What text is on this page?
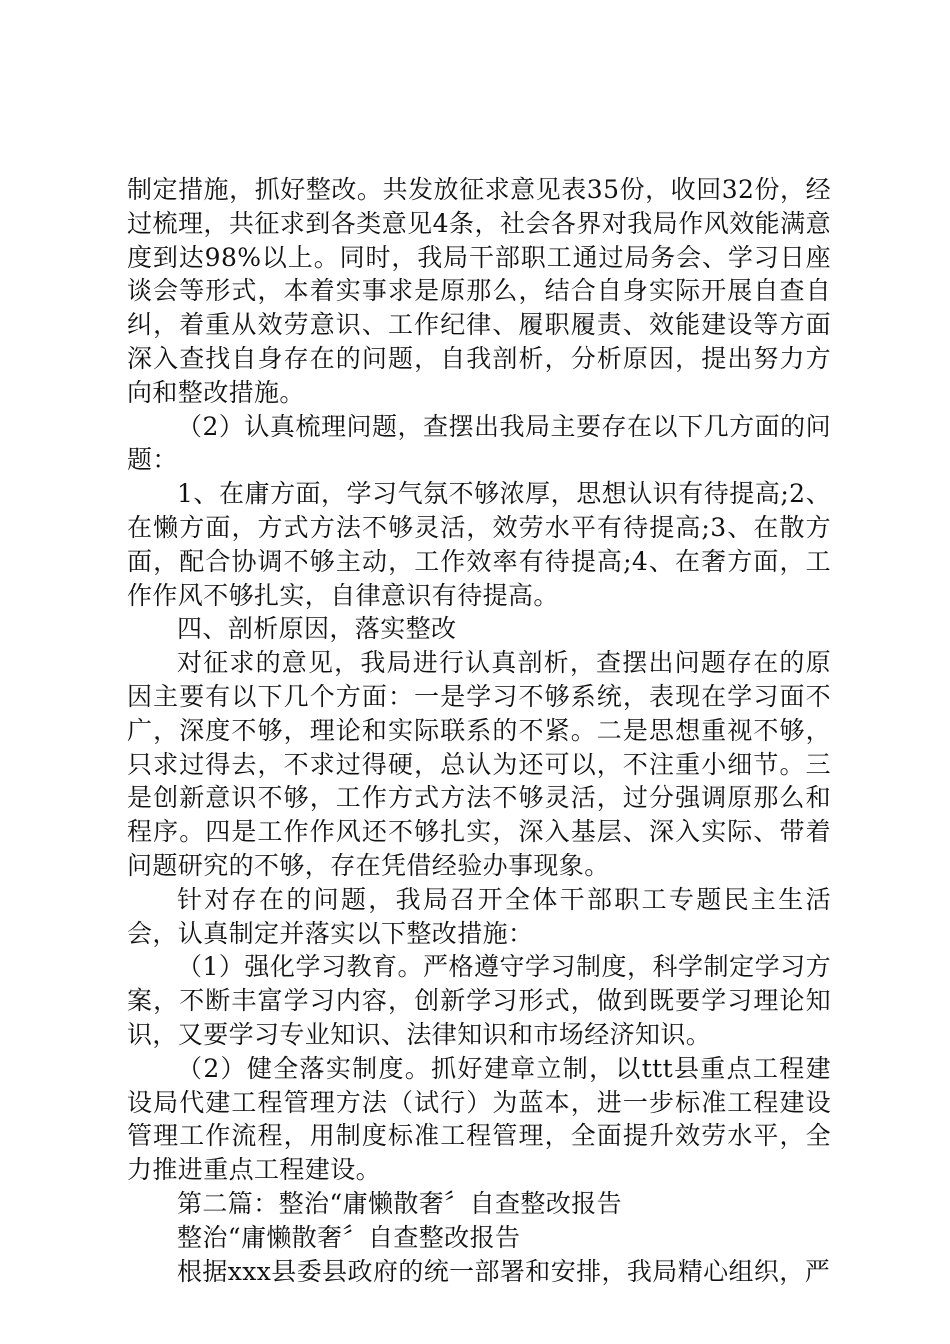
制定措施，抓好整改。共发放征求意见表35份，收回32份，经过梳理，共征求到各类意见4条，社会各界对我局作风效能满意度到达98%以上。同时，我局干部职工通过局务会、学习日座谈会等形式，本着实事求是原那么，结合自身实际开展自查自纠，着重从效劳意识、工作纪律、履职履责、效能建设等方面深入查找自身存在的问题，自我剖析，分析原因，提出努力方向和整改措施。

（2）认真梳理问题，查摆出我局主要存在以下几方面的问题：

1、在庸方面，学习气氛不够浓厚，思想认识有待提高;2、在懒方面，方式方法不够灵活，效劳水平有待提高;3、在散方面，配合协调不够主动，工作效率有待提高;4、在奢方面，工作作风不够扎实，自律意识有待提高。

四、剖析原因，落实整改

对征求的意见，我局进行认真剖析，查摆出问题存在的原因主要有以下几个方面：一是学习不够系统，表现在学习面不广，深度不够，理论和实际联系的不紧。二是思想重视不够，只求过得去，不求过得硬，总认为还可以，不注重小细节。三是创新意识不够，工作方式方法不够灵活，过分强调原那么和程序。四是工作作风还不够扎实，深入基层、深入实际、带着问题研究的不够，存在凭借经验办事现象。

针对存在的问题，我局召开全体干部职工专题民主生活会，认真制定并落实以下整改措施：

（1）强化学习教育。严格遵守学习制度，科学制定学习方案，不断丰富学习内容，创新学习形式，做到既要学习理论知识，又要学习专业知识、法律知识和市场经济知识。

（2）健全落实制度。抓好建章立制，以ttt县重点工程建设局代建工程管理方法（试行）为蓝本，进一步标准工程建设管理工作流程，用制度标准工程管理，全面提升效劳水平，全力推进重点工程建设。

第二篇：整治“庸懒散奢〞自查整改报告

整治“庸懒散奢〞自查整改报告

根据xxx县委县政府的统一部署和安排，我局精心组织，严
